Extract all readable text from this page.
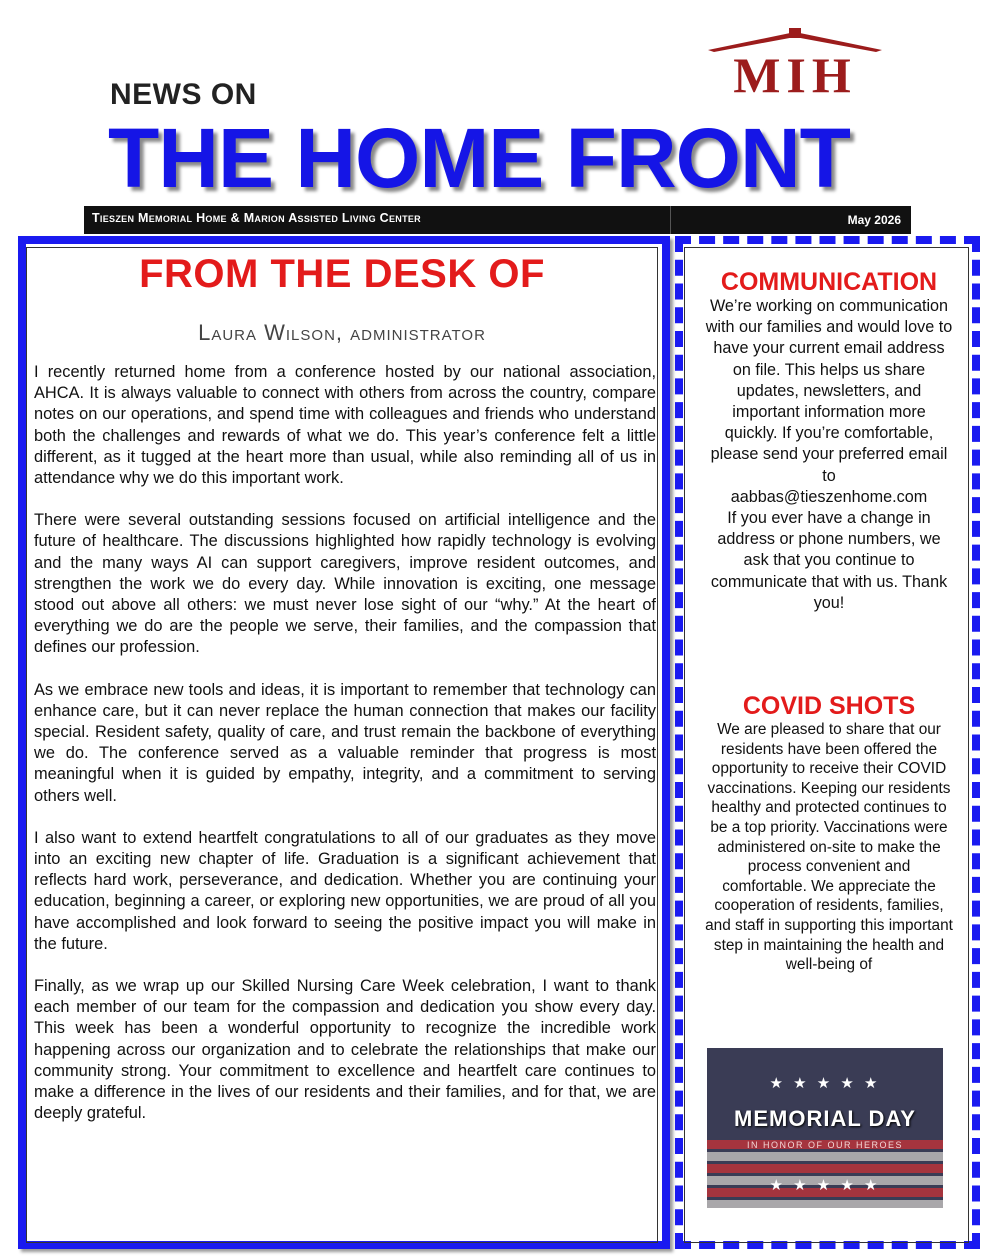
NEWS ON
THE HOME FRONT
MIH
Tieszen Memorial Home & Marion Assisted Living Center	May 2026
FROM THE DESK OF
Laura Wilson, administrator

I recently returned home from a conference hosted by our national association, AHCA. It is always valuable to connect with others from across the country, compare notes on our operations, and spend time with colleagues and friends who understand both the challenges and rewards of what we do. This year’s conference felt a little different, as it tugged at the heart more than usual, while also reminding all of us in attendance why we do this important work.

There were several outstanding sessions focused on artificial intelligence and the future of healthcare. The discussions highlighted how rapidly technology is evolving and the many ways AI can support caregivers, improve resident outcomes, and strengthen the work we do every day. While innovation is exciting, one message stood out above all others: we must never lose sight of our “why.” At the heart of everything we do are the people we serve, their families, and the compassion that defines our profession.

As we embrace new tools and ideas, it is important to remember that technology can enhance care, but it can never replace the human connection that makes our facility special. Resident safety, quality of care, and trust remain the backbone of everything we do. The conference served as a valuable reminder that progress is most meaningful when it is guided by empathy, integrity, and a commitment to serving others well.

I also want to extend heartfelt congratulations to all of our graduates as they move into an exciting new chapter of life. Graduation is a significant achievement that reflects hard work, perseverance, and dedication. Whether you are continuing your education, beginning a career, or exploring new opportunities, we are proud of all you have accomplished and look forward to seeing the positive impact you will make in the future.

Finally, as we wrap up our Skilled Nursing Care Week celebration, I want to thank each member of our team for the compassion and dedication you show every day. This week has been a wonderful opportunity to recognize the incredible work happening across our organization and to celebrate the relationships that make our community strong. Your commitment to excellence and heartfelt care continues to make a difference in the lives of our residents and their families, and for that, we are deeply grateful.

COMMUNICATION

We’re working on communication with our families and would love to have your current email address on file. This helps us share updates, newsletters, and important information more quickly. If you’re comfortable, please send your preferred email to

aabbas@tieszenhome.com

If you ever have a change in address or phone numbers, we ask that you continue to communicate that with us. Thank you!

COVID SHOTS

We are pleased to share that our residents have been offered the opportunity to receive their COVID vaccinations. Keeping our residents healthy and protected continues to be a top priority. Vaccinations were administered on-site to make the process convenient and comfortable. We appreciate the cooperation of residents, families, and staff in supporting this important step in maintaining the health and well-being of

★ ★ ★ ★ ★
MEMORIAL DAY
IN HONOR OF OUR HEROES
★ ★ ★ ★ ★
